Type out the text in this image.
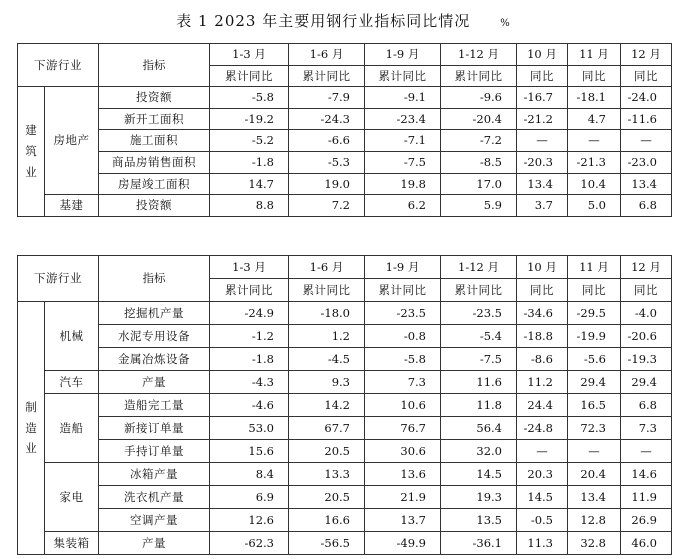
表 1 2023 年主要用钢行业指标同比情况	%
下游行业		指标	1-3 月	1-6 月	1-9 月	1-12 月	10 月	11 月	12 月
			累计同比	累计同比	累计同比	累计同比	同比	同比	同比
建筑业	房地产	投资额	-5.8	-7.9	-9.1	-9.6	-16.7	-18.1	-24.0
		新开工面积	-19.2	-24.3	-23.4	-20.4	-21.2	4.7	-11.6
		施工面积	-5.2	-6.6	-7.1	-7.2	—	—	—
		商品房销售面积	-1.8	-5.3	-7.5	-8.5	-20.3	-21.3	-23.0
		房屋竣工面积	14.7	19.0	19.8	17.0	13.4	10.4	13.4
	基建	投资额	8.8	7.2	6.2	5.9	3.7	5.0	6.8
下游行业		指标	1-3 月	1-6 月	1-9 月	1-12 月	10 月	11 月	12 月
			累计同比	累计同比	累计同比	累计同比	同比	同比	同比
制造业	机械	挖掘机产量	-24.9	-18.0	-23.5	-23.5	-34.6	-29.5	-4.0
		水泥专用设备	-1.2	1.2	-0.8	-5.4	-18.8	-19.9	-20.6
		金属冶炼设备	-1.8	-4.5	-5.8	-7.5	-8.6	-5.6	-19.3
	汽车	产量	-4.3	9.3	7.3	11.6	11.2	29.4	29.4
	造船	造船完工量	-4.6	14.2	10.6	11.8	24.4	16.5	6.8
		新接订单量	53.0	67.7	76.7	56.4	-24.8	72.3	7.3
		手持订单量	15.6	20.5	30.6	32.0	—	—	—
	家电	冰箱产量	8.4	13.3	13.6	14.5	20.3	20.4	14.6
		洗衣机产量	6.9	20.5	21.9	19.3	14.5	13.4	11.9
		空调产量	12.6	16.6	13.7	13.5	-0.5	12.8	26.9
	集装箱	产量	-62.3	-56.5	-49.9	-36.1	11.3	32.8	46.0
